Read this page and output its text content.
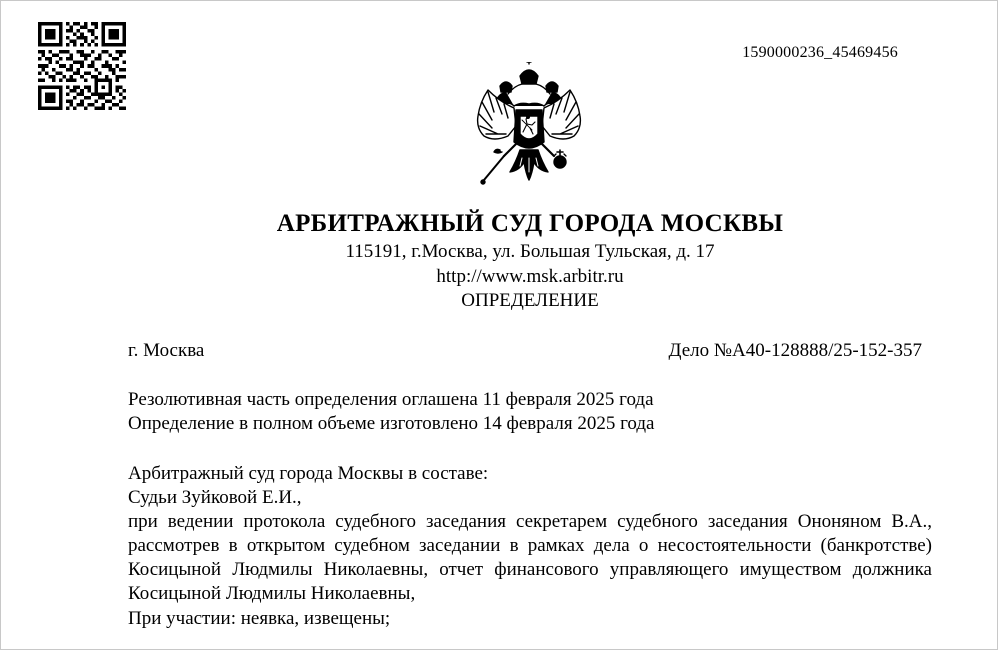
1590000236_45469456
АРБИТРАЖНЫЙ СУД ГОРОДА МОСКВЫ
115191, г.Москва, ул. Большая Тульская, д. 17
http://www.msk.arbitr.ru
ОПРЕДЕЛЕНИЕ
г. Москва	Дело №А40-128888/25-152-357
Резолютивная часть определения оглашена 11 февраля 2025 года
Определение в полном объеме изготовлено 14 февраля 2025 года
Арбитражный суд города Москвы в составе:
Судьи Зуйковой Е.И.,
при ведении протокола судебного заседания секретарем судебного заседания Ононяном В.А., рассмотрев в открытом судебном заседании в рамках дела о несостоятельности (банкротстве) Косицыной Людмилы Николаевны, отчет финансового управляющего имуществом должника Косицыной Людмилы Николаевны,
При участии: неявка, извещены;
